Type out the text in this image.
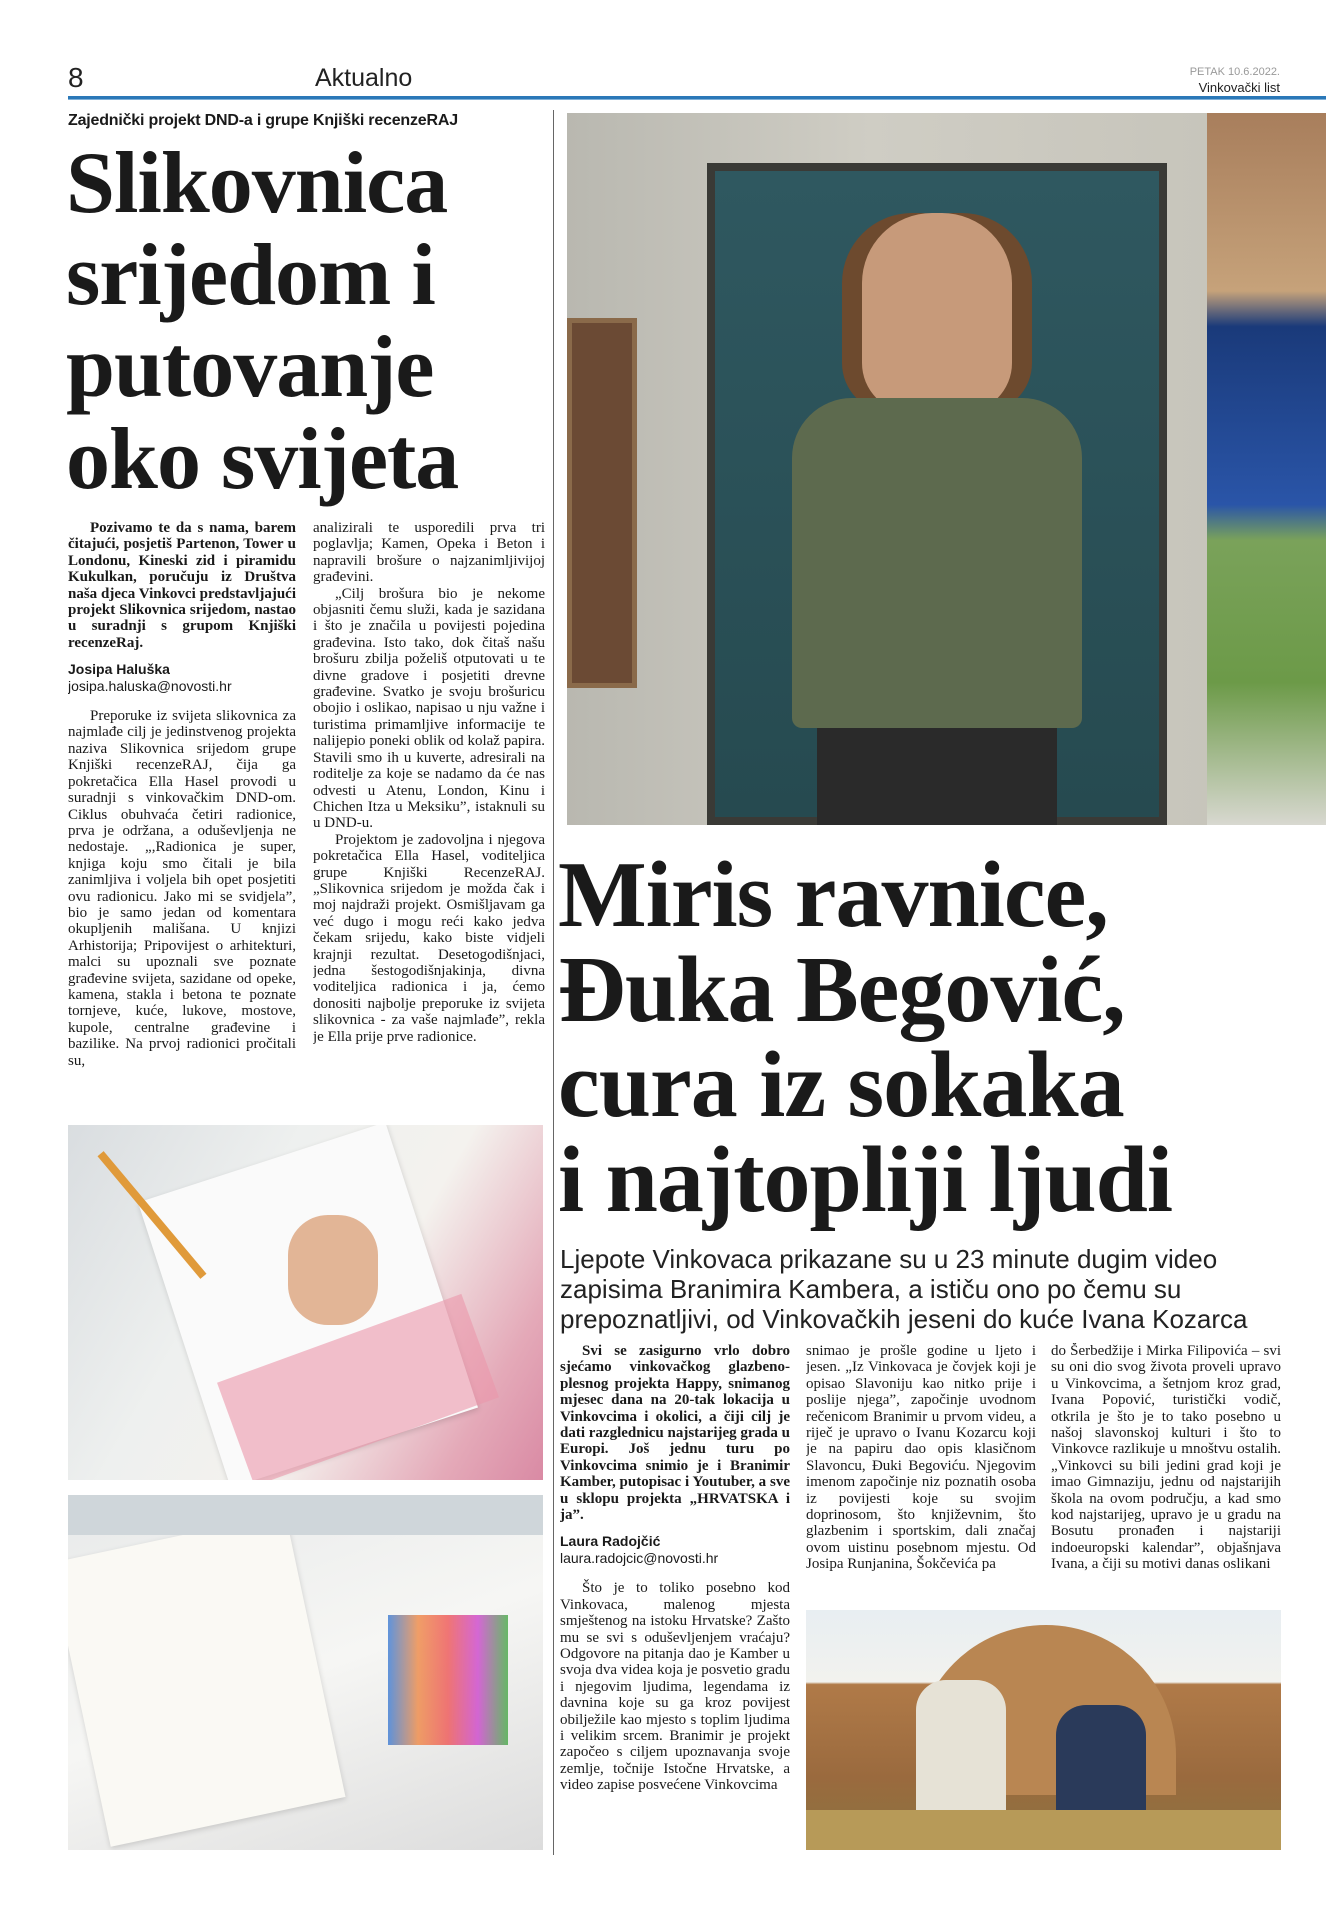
8	Aktualno	PETAK 10.6.2022.
Vinkovački list
Zajednički projekt DND-a i grupe Knjiški recenzeRAJ
Slikovnica
srijedom i
putovanje
oko svijeta

Pozivamo te da s nama, barem čitajući, posjetiš Partenon, Tower u Londonu, Kineski zid i piramidu Kukulkan, poručuju iz Društva naša djeca Vinkovci predstavljajući projekt Slikovnica srijedom, nastao u suradnji s grupom Knjiški recenzeRaj.

Josipa Haluška

josipa.haluska@novosti.hr

Preporuke iz svijeta slikovnica za najmlađe cilj je jedinstvenog projekta naziva Slikovnica srijedom grupe Knjiški recenzeRAJ, čija ga pokretačica Ella Hasel provodi u suradnji s vinkovačkim DND-om. Ciklus obuhvaća četiri radionice, prva je održana, a oduševljenja ne nedostaje. „,Radionica je super, knjiga koju smo čitali je bila zanimljiva i voljela bih opet posjetiti ovu radionicu. Jako mi se svidjela”, bio je samo jedan od komentara okupljenih mališana. U knjizi Arhistorija; Pripovijest o arhitekturi, malci su upoznali sve poznate građevine svijeta, sazidane od opeke, kamena, stakla i betona te poznate tornjeve, kuće, lukove, mostove, kupole, centralne građevine i bazilike. Na prvoj radionici pročitali su,

analizirali te usporedili prva tri poglavlja; Kamen, Opeka i Beton i napravili brošure o najzanimljivijoj građevini.

„Cilj brošura bio je nekome objasniti čemu služi, kada je sazidana i što je značila u povijesti pojedina građevina. Isto tako, dok čitaš našu brošuru zbilja poželiš otputovati u te divne gradove i posjetiti drevne građevine. Svatko je svoju brošuricu obojio i oslikao, napisao u nju važne i turistima primamljive informacije te nalijepio poneki oblik od kolaž papira. Stavili smo ih u kuverte, adresirali na roditelje za koje se nadamo da će nas odvesti u Atenu, London, Kinu i Chichen Itza u Meksiku”, istaknuli su u DND-u.

Projektom je zadovoljna i njegova pokretačica Ella Hasel, voditeljica grupe Knjiški RecenzeRAJ. „Slikovnica srijedom je možda čak i moj najdraži projekt. Osmišljavam ga već dugo i mogu reći kako jedva čekam srijedu, kako biste vidjeli krajnji rezultat. Desetogodišnjaci, jedna šestogodišnjakinja, divna voditeljica radionica i ja, ćemo donositi najbolje preporuke iz svijeta slikovnica - za vaše najmlađe”, rekla je Ella prije prve radionice.

Miris ravnice,
Đuka Begović,
cura iz sokaka
i najtopliji ljudi
Ljepote Vinkovaca prikazane su u 23 minute dugim video zapisima Branimira Kambera, a ističu ono po čemu su prepoznatljivi, od Vinkovačkih jeseni do kuće Ivana Kozarca

Svi se zasigurno vrlo dobro sjećamo vinkovačkog glazbeno-plesnog projekta Happy, snimanog mjesec dana na 20-tak lokacija u Vinkovcima i okolici, a čiji cilj je dati razglednicu najstarijeg grada u Europi. Još jednu turu po Vinkovcima snimio je i Branimir Kamber, putopisac i Youtuber, a sve u sklopu projekta „HRVATSKA i ja”.

Laura Radojčić

laura.radojcic@novosti.hr

Što je to toliko posebno kod Vinkovaca, malenog mjesta smještenog na istoku Hrvatske? Zašto mu se svi s oduševljenjem vraćaju? Odgovore na pitanja dao je Kamber u svoja dva videa koja je posvetio gradu i njegovim ljudima, legendama iz davnina koje su ga kroz povijest obilježile kao mjesto s toplim ljudima i velikim srcem. Branimir je projekt započeo s ciljem upoznavanja svoje zemlje, točnije Istočne Hrvatske, a video zapise posvećene Vinkovcima

snimao je prošle godine u ljeto i jesen. „Iz Vinkovaca je čovjek koji je opisao Slavoniju kao nitko prije i poslije njega”, započinje uvodnom rečenicom Branimir u prvom videu, a riječ je upravo o Ivanu Kozarcu koji je na papiru dao opis klasičnom Slavoncu, Đuki Begoviću. Njegovim imenom započinje niz poznatih osoba iz povijesti koje su svojim doprinosom, što književnim, što glazbenim i sportskim, dali značaj ovom uistinu posebnom mjestu. Od Josipa Runjanina, Šokčevića pa

do Šerbedžije i Mirka Filipovića – svi su oni dio svog života proveli upravo u Vinkovcima, a šetnjom kroz grad, Ivana Popović, turistički vodič, otkrila je što je to tako posebno u našoj slavonskoj kulturi i što to Vinkovce razlikuje u mnoštvu ostalih. „Vinkovci su bili jedini grad koji je imao Gimnaziju, jednu od najstarijih škola na ovom području, a kad smo kod najstarijeg, upravo je u gradu na Bosutu pronađen i najstariji indoeuropski kalendar”, objašnjava Ivana, a čiji su motivi danas oslikani
